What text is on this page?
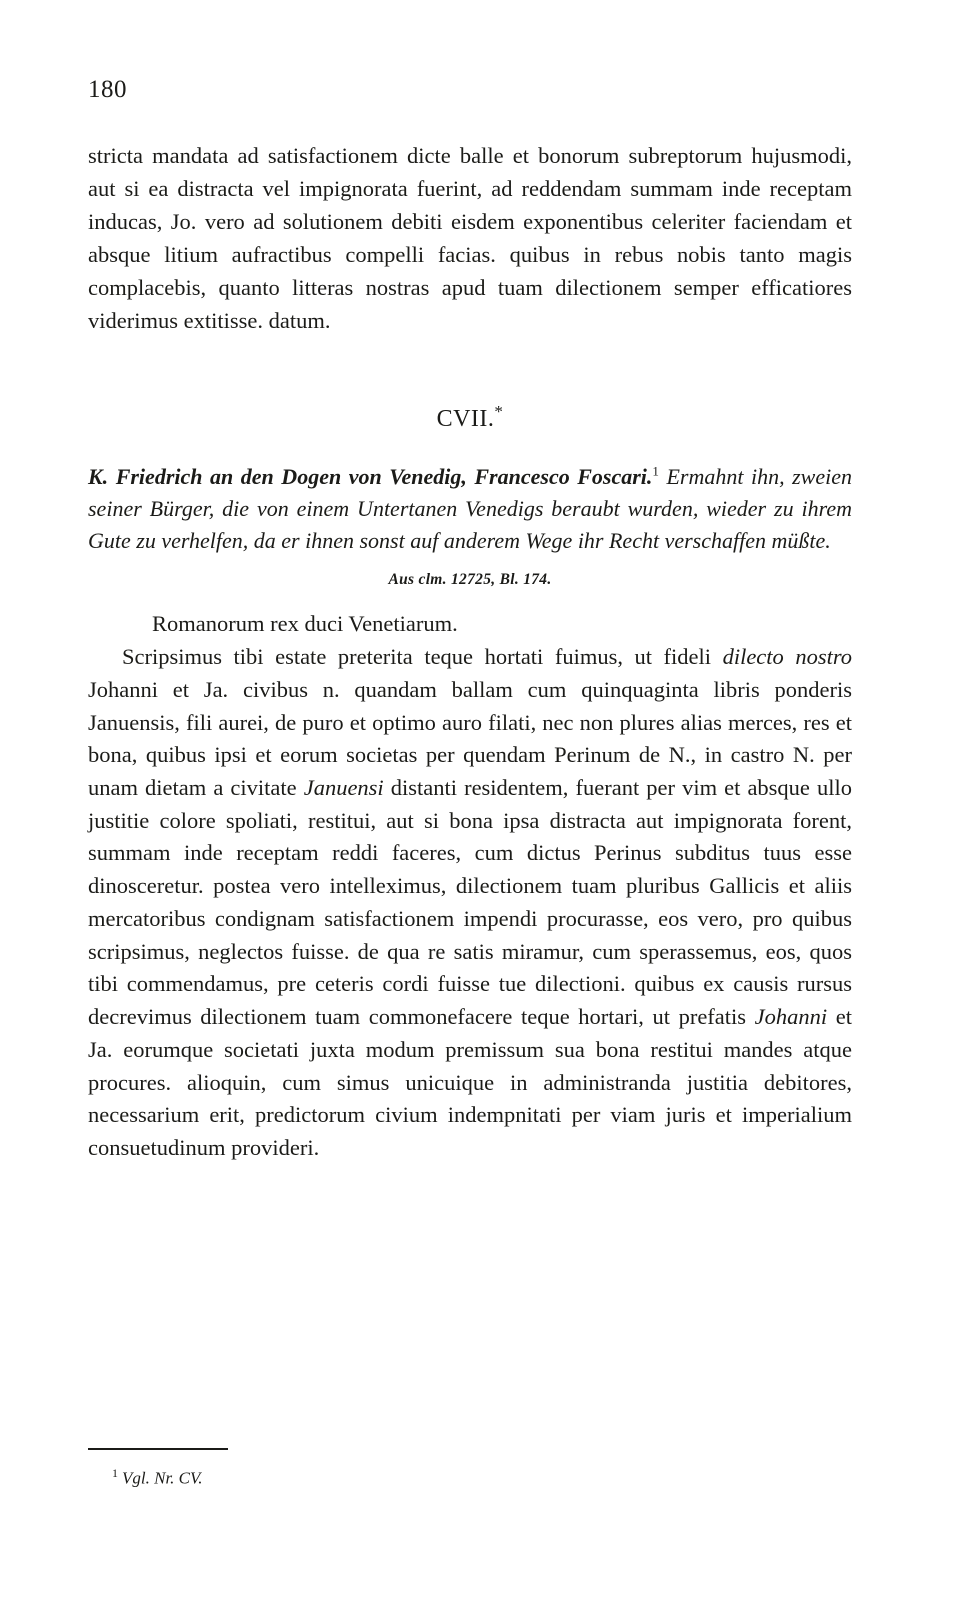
180

stricta mandata ad satisfactionem dicte balle et bonorum subreptorum hujusmodi, aut si ea distracta vel impignorata fuerint, ad reddendam summam inde receptam inducas, Jo. vero ad solutionem debiti eisdem exponentibus celeriter faciendam et absque litium aufractibus compelli facias. quibus in rebus nobis tanto magis complacebis, quanto litteras nostras apud tuam dilectionem semper efficatiores viderimus extitisse. datum.

CVII.*
K. Friedrich an den Dogen von Venedig, Francesco Foscari.$^1$ Ermahnt ihn, zweien seiner Bürger, die von einem Untertanen Venedigs beraubt wurden, wieder zu ihrem Gute zu verhelfen, da er ihnen sonst auf anderem Wege ihr Recht verschaffen müßte.
Aus clm. 12725, Bl. 174.
Romanorum rex duci Venetiarum.

Scripsimus tibi estate preterita teque hortati fuimus, ut fideli dilecto nostro Johanni et Ja. civibus n. quandam ballam cum quinquaginta libris ponderis Januensis, fili aurei, de puro et optimo auro filati, nec non plures alias merces, res et bona, quibus ipsi et eorum societas per quendam Perinum de N., in castro N. per unam dietam a civitate Januensi distanti residentem, fuerant per vim et absque ullo justitie colore spoliati, restitui, aut si bona ipsa distracta aut impignorata forent, summam inde receptam reddi faceres, cum dictus Perinus subditus tuus esse dinosceretur. postea vero intelleximus, dilectionem tuam pluribus Gallicis et aliis mercatoribus condignam satisfactionem impendi procurasse, eos vero, pro quibus scripsimus, neglectos fuisse. de qua re satis miramur, cum sperassemus, eos, quos tibi commendamus, pre ceteris cordi fuisse tue dilectioni. quibus ex causis rursus decrevimus dilectionem tuam commonefacere teque hortari, ut prefatis Johanni et Ja. eorumque societati juxta modum premissum sua bona restitui mandes atque procures. alioquin, cum simus unicuique in administranda justitia debitores, necessarium erit, predictorum civium indempnitati per viam juris et imperialium consuetudinum provideri.

$^1$ Vgl. Nr. CV.
